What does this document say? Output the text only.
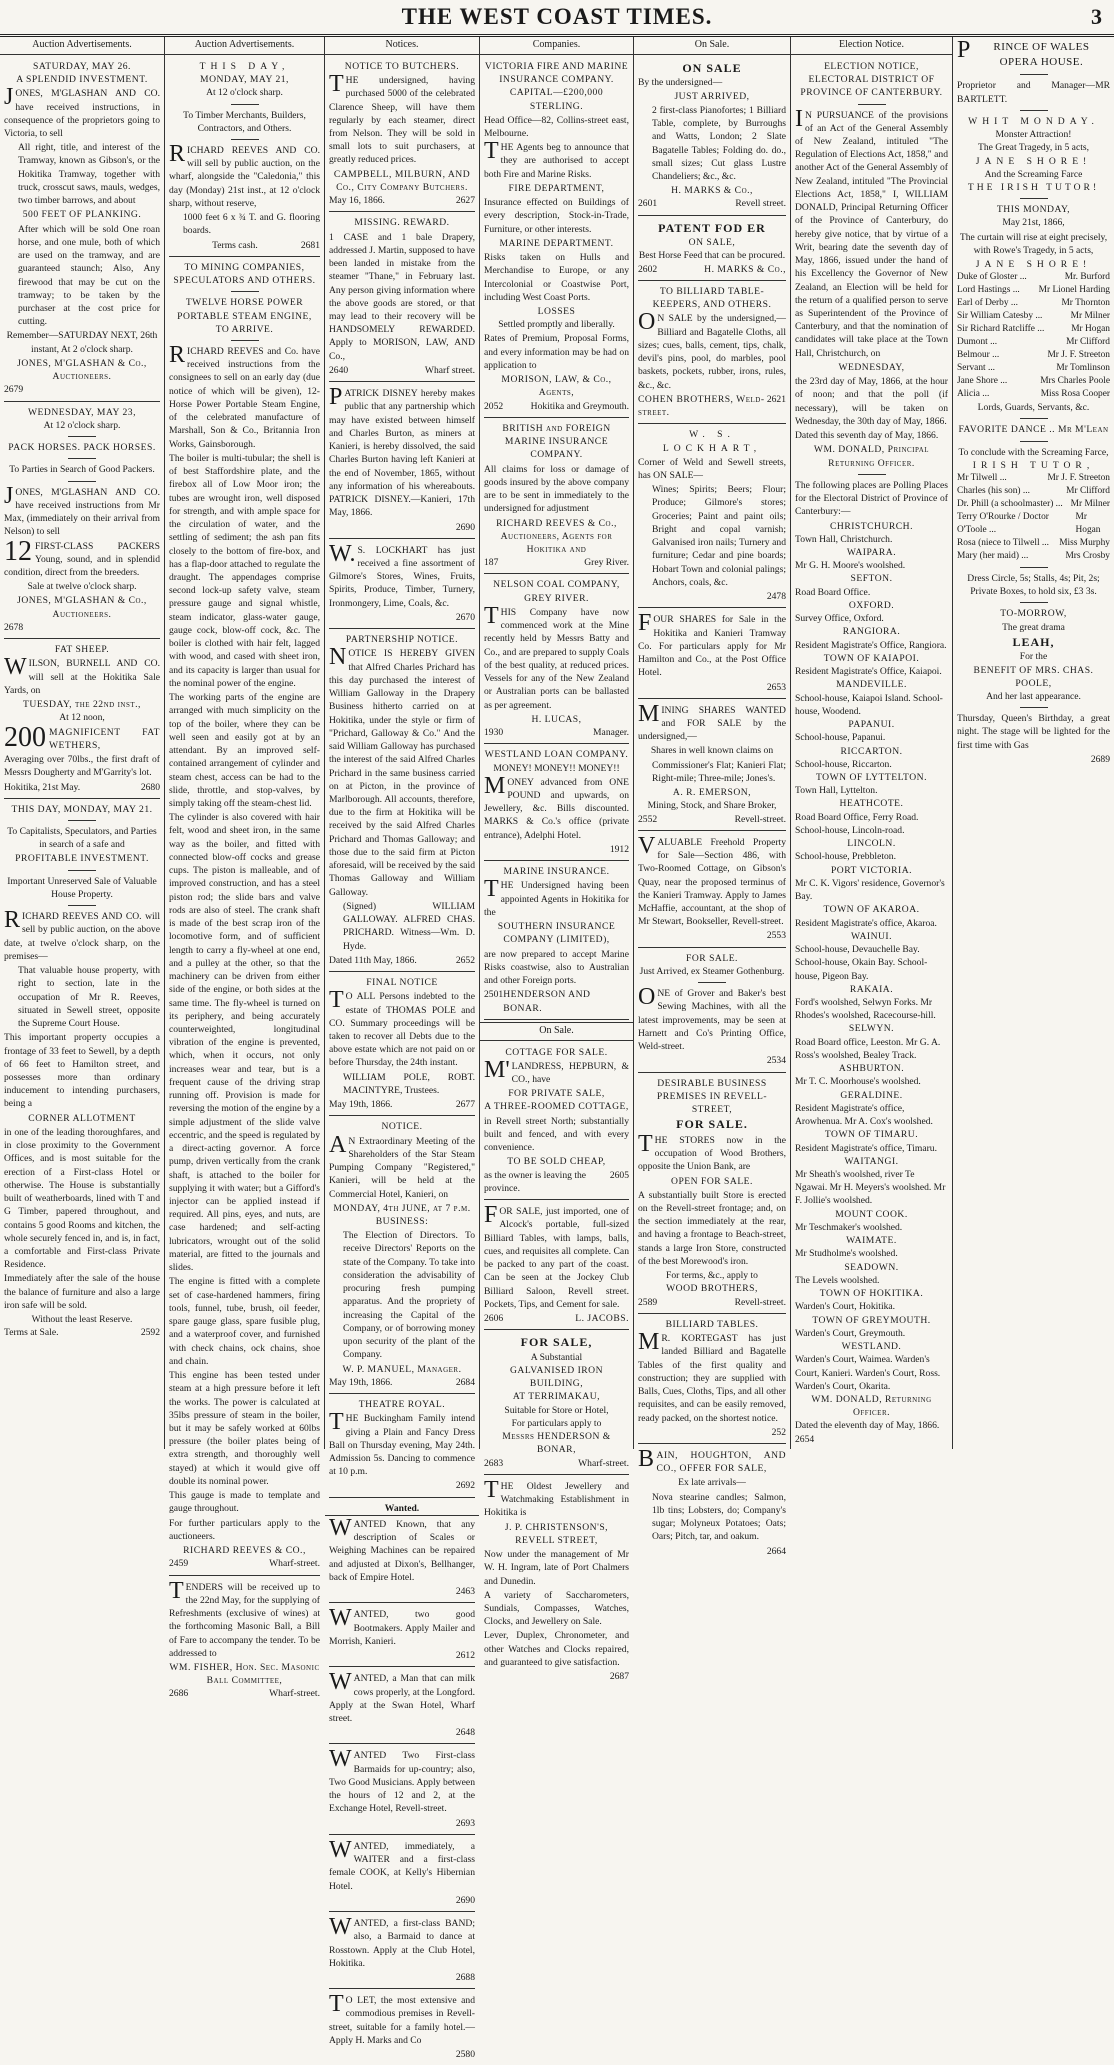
THE WEST COAST TIMES.	3
Auction Advertisements.
SATURDAY, MAY 26.
A SPLENDID INVESTMENT.

JONES, M'GLASHAN AND CO. have received instructions, in consequence of the proprietors going to Victoria, to sell

All right, title, and interest of the Tramway, known as Gibson's, or the Hokitika Tramway, together with truck, crosscut saws, mauls, wedges, two timber barrows, and about

500 FEET OF PLANKING.

After which will be sold One roan horse, and one mule, both of which are used on the tramway, and are guaranteed staunch; Also, Any firewood that may be cut on the tramway; to be taken by the purchaser at the cost price for cutting.

Remember—SATURDAY NEXT, 26th instant, At 2 o'clock sharp.

JONES, M'GLASHAN & Co., Auctioneers.
2679
WEDNESDAY, MAY 23,
At 12 o'clock sharp.
PACK HORSES. PACK HORSES.
To Parties in Search of Good Packers.

JONES, M'GLASHAN AND CO. have received instructions from Mr Max, (immediately on their arrival from Nelson) to sell

12 FIRST-CLASS PACKERS Young, sound, and in splendid condition, direct from the breeders.

Sale at twelve o'clock sharp.

JONES, M'GLASHAN & Co., Auctioneers.
2678
FAT SHEEP.

WILSON, BURNELL AND CO. will sell at the Hokitika Sale Yards, on

TUESDAY, the 22nd inst.,
At 12 noon,

200 MAGNIFICENT FAT WETHERS,

Averaging over 70lbs., the first draft of Messrs Dougherty and M'Garrity's lot.

Hokitika, 21st May.	2680
THIS DAY, MONDAY, MAY 21.

To Capitalists, Speculators, and Parties in search of a safe and

PROFITABLE INVESTMENT.

Important Unreserved Sale of Valuable House Property.

RICHARD REEVES AND CO. will sell by public auction, on the above date, at twelve o'clock sharp, on the premises—

That valuable house property, with right to section, late in the occupation of Mr R. Reeves, situated in Sewell street, opposite the Supreme Court House.

This important property occupies a frontage of 33 feet to Sewell, by a depth of 66 feet to Hamilton street, and possesses more than ordinary inducement to intending purchasers, being a

CORNER ALLOTMENT

in one of the leading thoroughfares, and in close proximity to the Government Offices, and is most suitable for the erection of a First-class Hotel or otherwise. The House is substantially built of weatherboards, lined with T and G Timber, papered throughout, and contains 5 good Rooms and kitchen, the whole securely fenced in, and is, in fact, a comfortable and First-class Private Residence.

Immediately after the sale of the house the balance of furniture and also a large iron safe will be sold.

Without the least Reserve.
Terms at Sale.	2592
Auction Advertisements.
THIS DAY,
MONDAY, MAY 21,
At 12 o'clock sharp.

To Timber Merchants, Builders, Contractors, and Others.

RICHARD REEVES AND CO. will sell by public auction, on the wharf, alongside the "Caledonia," this day (Monday) 21st inst., at 12 o'clock sharp, without reserve,

1000 feet 6 x ¾ T. and G. flooring boards.

Terms cash.	2681
TO MINING COMPANIES, SPECULATORS AND OTHERS.
TWELVE HORSE POWER PORTABLE STEAM ENGINE,
TO ARRIVE.

RICHARD REEVES and Co. have received instructions from the consignees to sell on an early day (due notice of which will be given), 12-Horse Power Portable Steam Engine, of the celebrated manufacture of Marshall, Son & Co., Britannia Iron Works, Gainsborough.

The boiler is multi-tubular; the shell is of best Staffordshire plate, and the firebox all of Low Moor iron; the tubes are wrought iron, well disposed for strength, and with ample space for the circulation of water, and the settling of sediment; the ash pan fits closely to the bottom of fire-box, and has a flap-door attached to regulate the draught. The appendages comprise second lock-up safety valve, steam pressure gauge and signal whistle, steam indicator, glass-water gauge, gauge cock, blow-off cock, &c. The boiler is clothed with hair felt, lagged with wood, and cased with sheet iron, and its capacity is larger than usual for the nominal power of the engine.

The working parts of the engine are arranged with much simplicity on the top of the boiler, where they can be well seen and easily got at by an attendant. By an improved self-contained arrangement of cylinder and steam chest, access can be had to the slide, throttle, and stop-valves, by simply taking off the steam-chest lid.

The cylinder is also covered with hair felt, wood and sheet iron, in the same way as the boiler, and fitted with connected blow-off cocks and grease cups. The piston is malleable, and of improved construction, and has a steel piston rod; the slide bars and valve rods are also of steel. The crank shaft is made of the best scrap iron of the locomotive form, and of sufficient length to carry a fly-wheel at one end, and a pulley at the other, so that the machinery can be driven from either side of the engine, or both sides at the same time. The fly-wheel is turned on its periphery, and being accurately counterweighted, longitudinal vibration of the engine is prevented, which, when it occurs, not only increases wear and tear, but is a frequent cause of the driving strap running off. Provision is made for reversing the motion of the engine by a simple adjustment of the slide valve eccentric, and the speed is regulated by a direct-acting governor. A force pump, driven vertically from the crank shaft, is attached to the boiler for supplying it with water; but a Gifford's injector can be applied instead if required. All pins, eyes, and nuts, are case hardened; and self-acting lubricators, wrought out of the solid material, are fitted to the journals and slides.

The engine is fitted with a complete set of case-hardened hammers, firing tools, funnel, tube, brush, oil feeder, spare gauge glass, spare fusible plug, and a waterproof cover, and furnished with check chains, ock chains, shoe and chain.

This engine has been tested under steam at a high pressure before it left the works. The power is calculated at 35lbs pressure of steam in the boiler, but it may be safely worked at 60lbs pressure (the boiler plates being of extra strength, and thoroughly well stayed) at which it would give off double its nominal power.

This gauge is made to template and gauge throughout.

For further particulars apply to the auctioneers.

RICHARD REEVES & CO.,
2459	Wharf-street.

TENDERS will be received up to the 22nd May, for the supplying of Refreshments (exclusive of wines) at the forthcoming Masonic Ball, a Bill of Fare to accompany the tender. To be addressed to

WM. FISHER, Hon. Sec. Masonic Ball Committee,
2686	Wharf-street.
Notices.
NOTICE TO BUTCHERS.

THE undersigned, having purchased 5000 of the celebrated Clarence Sheep, will have them regularly by each steamer, direct from Nelson. They will be sold in small lots to suit purchasers, at greatly reduced prices.

CAMPBELL, MILBURN, AND Co., City Company Butchers.
May 16, 1866.	2627
MISSING. REWARD.

1 CASE and 1 bale Drapery, addressed J. Martin, supposed to have been landed in mistake from the steamer "Thane," in February last. Any person giving information where the above goods are stored, or that may lead to their recovery will be HANDSOMELY REWARDED. Apply to MORISON, LAW, AND Co.,

2640	Wharf street.

PATRICK DISNEY hereby makes public that any partnership which may have existed between himself and Charles Burton, as miners at Kanieri, is hereby dissolved, the said Charles Burton having left Kanieri at the end of November, 1865, without any information of his whereabouts. PATRICK DISNEY.—Kanieri, 17th May, 1866.

2690

W.S. LOCKHART has just received a fine assortment of Gilmore's Stores, Wines, Fruits, Spirits, Produce, Timber, Turnery, Ironmongery, Lime, Coals, &c.

2670
PARTNERSHIP NOTICE.

NOTICE IS HEREBY GIVEN that Alfred Charles Prichard has this day purchased the interest of William Galloway in the Drapery Business hitherto carried on at Hokitika, under the style or firm of "Prichard, Galloway & Co." And the said William Galloway has purchased the interest of the said Alfred Charles Prichard in the same business carried on at Picton, in the province of Marlborough. All accounts, therefore, due to the firm at Hokitika will be received by the said Alfred Charles Prichard and Thomas Galloway; and those due to the said firm at Picton aforesaid, will be received by the said Thomas Galloway and William Galloway.

(Signed) WILLIAM GALLOWAY. ALFRED CHAS. PRICHARD. Witness—Wm. D. Hyde.

Dated 11th May, 1866.	2652
FINAL NOTICE

TO ALL Persons indebted to the estate of THOMAS POLE and CO. Summary proceedings will be taken to recover all Debts due to the above estate which are not paid on or before Thursday, the 24th instant.

WILLIAM POLE, ROBT. MACINTYRE, Trustees.

May 19th, 1866.	2677
NOTICE.

AN Extraordinary Meeting of the Shareholders of the Star Steam Pumping Company "Registered," Kanieri, will be held at the Commercial Hotel, Kanieri, on

MONDAY, 4th JUNE, at 7 p.m.
BUSINESS:

The Election of Directors. To receive Directors' Reports on the state of the Company. To take into consideration the advisability of procuring fresh pumping apparatus. And the propriety of increasing the Capital of the Company, or of borrowing money upon security of the plant of the Company.

W. P. MANUEL, Manager.
May 19th, 1866.	2684
THEATRE ROYAL.

THE Buckingham Family intend giving a Plain and Fancy Dress Ball on Thursday evening, May 24th. Admission 5s. Dancing to commence at 10 p.m.

2692
Wanted.

WANTED Known, that any description of Scales or Weighing Machines can be repaired and adjusted at Dixon's, Bellhanger, back of Empire Hotel.

2463

WANTED, two good Bootmakers. Apply Mailer and Morrish, Kanieri.

2612

WANTED, a Man that can milk cows properly, at the Longford. Apply at the Swan Hotel, Wharf street.

2648

WANTED Two First-class Barmaids for up-country; also, Two Good Musicians. Apply between the hours of 12 and 2, at the Exchange Hotel, Revell-street.

2693

WANTED, immediately, a WAITER and a first-class female COOK, at Kelly's Hibernian Hotel.

2690

WANTED, a first-class BAND; also, a Barmaid to dance at Rosstown. Apply at the Club Hotel, Hokitika.

2688

TO LET, the most extensive and commodious premises in Revell-street, suitable for a family hotel.—Apply H. Marks and Co

2580
Companies.
VICTORIA FIRE AND MARINE INSURANCE COMPANY.
CAPITAL—£200,000 STERLING.

Head Office—82, Collins-street east, Melbourne.

THE Agents beg to announce that they are authorised to accept both Fire and Marine Risks.

FIRE DEPARTMENT,

Insurance effected on Buildings of every description, Stock-in-Trade, Furniture, or other interests.

MARINE DEPARTMENT.

Risks taken on Hulls and Merchandise to Europe, or any Intercolonial or Coastwise Port, including West Coast Ports.

LOSSES
Settled promptly and liberally.

Rates of Premium, Proposal Forms, and every information may be had on application to

MORISON, LAW, & Co., Agents,
2052	Hokitika and Greymouth.
BRITISH and FOREIGN MARINE INSURANCE COMPANY.

All claims for loss or damage of goods insured by the above company are to be sent in immediately to the undersigned for adjustment

RICHARD REEVES & Co., Auctioneers, Agents for Hokitika and
187	Grey River.
NELSON COAL COMPANY, GREY RIVER.

THIS Company have now commenced work at the Mine recently held by Messrs Batty and Co., and are prepared to supply Coals of the best quality, at reduced prices. Vessels for any of the New Zealand or Australian ports can be ballasted as per agreement.

H. LUCAS,
1930	Manager.
WESTLAND LOAN COMPANY.
MONEY! MONEY!! MONEY!!

MONEY advanced from ONE POUND and upwards, on Jewellery, &c. Bills discounted. MARKS & Co.'s office (private entrance), Adelphi Hotel.

1912
MARINE INSURANCE.

THE Undersigned having been appointed Agents in Hokitika for the

SOUTHERN INSURANCE COMPANY (LIMITED),

are now prepared to accept Marine Risks coastwise, also to Australian and other Foreign ports.

2501 HENDERSON AND BONAR.
On Sale.
COTTAGE FOR SALE.

M'LANDRESS, HEPBURN, & CO., have

FOR PRIVATE SALE,
A THREE-ROOMED COTTAGE,

in Revell street North; substantially built and fenced, and with every convenience.

TO BE SOLD CHEAP,
as the owner is leaving the province.
2605

FOR SALE, just imported, one of Alcock's portable, full-sized Billiard Tables, with lamps, balls, cues, and requisites all complete. Can be packed to any part of the coast. Can be seen at the Jockey Club Billiard Saloon, Revell street. Pockets, Tips, and Cement for sale.

2606	L. JACOBS.
FOR SALE,
A Substantial
GALVANISED IRON BUILDING,
AT TERRIMAKAU,
Suitable for Store or Hotel,
For particulars apply to
Messrs HENDERSON & BONAR,
2683	Wharf-street.

THE Oldest Jewellery and Watchmaking Establishment in Hokitika is

J. P. CHRISTENSON'S,
REVELL STREET,

Now under the management of Mr W. H. Ingram, late of Port Chalmers and Dunedin.

A variety of Saccharometers, Sundials, Compasses, Watches, Clocks, and Jewellery on Sale.

Lever, Duplex, Chronometer, and other Watches and Clocks repaired, and guaranteed to give satisfaction.

2687
On Sale.
ON SALE
By the undersigned—
JUST ARRIVED,

2 first-class Pianofortes; 1 Billiard Table, complete, by Burroughs and Watts, London; 2 Slate Bagatelle Tables; Folding do. do., small sizes; Cut glass Lustre Chandeliers; &c., &c.

H. MARKS & Co.,
2601	Revell street.
PATENT FOD ER
ON SALE,
Best Horse Feed that can be procured.
2602	H. MARKS & Co.,
TO BILLIARD TABLE-KEEPERS, AND OTHERS.

ON SALE by the undersigned,—Billiard and Bagatelle Cloths, all sizes; cues, balls, cement, tips, chalk, devil's pins, pool, do marbles, pool baskets, pockets, rubber, irons, rules, &c., &c.

COHEN BROTHERS, Weld-street.
2621
W. S. LOCKHART,

Corner of Weld and Sewell streets, has ON SALE—

Wines; Spirits; Beers; Flour; Produce; Gilmore's stores; Groceries; Paint and paint oils; Bright and copal varnish; Galvanised iron nails; Turnery and furniture; Cedar and pine boards; Hobart Town and colonial palings; Anchors, coals, &c.

2478

FOUR SHARES for Sale in the Hokitika and Kanieri Tramway Co. For particulars apply for Mr Hamilton and Co., at the Post Office Hotel.

2653

MINING SHARES WANTED and FOR SALE by the undersigned,—

Shares in well known claims on

Commissioner's Flat; Kanieri Flat; Right-mile; Three-mile; Jones's.

A. R. EMERSON,
Mining, Stock, and Share Broker,
2552	Revell-street.

VALUABLE Freehold Property for Sale—Section 486, with Two-Roomed Cottage, on Gibson's Quay, near the proposed terminus of the Kanieri Tramway. Apply to James McHaffie, accountant, at the shop of Mr Stewart, Bookseller, Revell-street.

2553
FOR SALE.
Just Arrived, ex Steamer Gothenburg.

ONE of Grover and Baker's best Sewing Machines, with all the latest improvements, may be seen at Harnett and Co's Printing Office, Weld-street.

2534
DESIRABLE BUSINESS PREMISES IN REVELL-STREET,
FOR SALE.

THE STORES now in the occupation of Wood Brothers, opposite the Union Bank, are

OPEN FOR SALE.

A substantially built Store is erected on the Revell-street frontage; and, on the section immediately at the rear, and having a frontage to Beach-street, stands a large Iron Store, constructed of the best Morewood's iron.

For terms, &c., apply to
WOOD BROTHERS,
2589	Revell-street.
BILLIARD TABLES.

MR. KORTEGAST has just landed Billiard and Bagatelle Tables of the first quality and construction; they are supplied with Balls, Cues, Cloths, Tips, and all other requisites, and can be easily removed, ready packed, on the shortest notice.

252

BAIN, HOUGHTON, AND CO., OFFER FOR SALE,

Ex late arrivals—

Nova stearine candles; Salmon, 1lb tins; Lobsters, do; Company's sugar; Molyneux Potatoes; Oats; Oars; Pitch, tar, and oakum.

2664
Election Notice.
ELECTION NOTICE,
ELECTORAL DISTRICT OF PROVINCE OF CANTERBURY.

IN PURSUANCE of the provisions of an Act of the General Assembly of New Zealand, intituled "The Regulation of Elections Act, 1858," and another Act of the General Assembly of New Zealand, intituled "The Provincial Elections Act, 1858," I, WILLIAM DONALD, Principal Returning Officer of the Province of Canterbury, do hereby give notice, that by virtue of a Writ, bearing date the seventh day of May, 1866, issued under the hand of his Excellency the Governor of New Zealand, an Election will be held for the return of a qualified person to serve as Superintendent of the Province of Canterbury, and that the nomination of candidates will take place at the Town Hall, Christchurch, on

WEDNESDAY,

the 23rd day of May, 1866, at the hour of noon; and that the poll (if necessary), will be taken on Wednesday, the 30th day of May, 1866.

Dated this seventh day of May, 1866.

WM. DONALD, Principal Returning Officer.

The following places are Polling Places for the Electoral District of Province of Canterbury:—

CHRISTCHURCH.
Town Hall, Christchurch.
WAIPARA.
Mr G. H. Moore's woolshed.
SEFTON.
Road Board Office.
OXFORD.
Survey Office, Oxford.
RANGIORA.
Resident Magistrate's Office, Rangiora.
TOWN OF KAIAPOI.
Resident Magistrate's Office, Kaiapoi.
MANDEVILLE.
School-house, Kaiapoi Island. School-house, Woodend.
PAPANUI.
School-house, Papanui.
RICCARTON.
School-house, Riccarton.
TOWN OF LYTTELTON.
Town Hall, Lyttelton.
HEATHCOTE.
Road Board Office, Ferry Road. School-house, Lincoln-road.
LINCOLN.
School-house, Prebbleton.
PORT VICTORIA.
Mr C. K. Vigors' residence, Governor's Bay.
TOWN OF AKAROA.
Resident Magistrate's office, Akaroa.
WAINUI.
School-house, Devauchelle Bay. School-house, Okain Bay. School-house, Pigeon Bay.
RAKAIA.
Ford's woolshed, Selwyn Forks. Mr Rhodes's woolshed, Racecourse-hill.
SELWYN.
Road Board office, Leeston. Mr G. A. Ross's woolshed, Bealey Track.
ASHBURTON.
Mr T. C. Moorhouse's woolshed.
GERALDINE.
Resident Magistrate's office, Arowhenua. Mr A. Cox's woolshed.
TOWN OF TIMARU.
Resident Magistrate's office, Timaru.
WAITANGI.
Mr Sheath's woolshed, river Te Ngawai. Mr H. Meyers's woolshed. Mr F. Jollie's woolshed.
MOUNT COOK.
Mr Teschmaker's woolshed.
WAIMATE.
Mr Studholme's woolshed.
SEADOWN.
The Levels woolshed.
TOWN OF HOKITIKA.
Warden's Court, Hokitika.
TOWN OF GREYMOUTH.
Warden's Court, Greymouth.
WESTLAND.
Warden's Court, Waimea. Warden's Court, Kanieri. Warden's Court, Ross. Warden's Court, Okarita.
WM. DONALD, Returning Officer.
Dated the eleventh day of May, 1866.
2654

PRINCE OF WALES OPERA HOUSE.

Proprietor and Manager—MR BARTLETT.

WHIT MONDAY.
Monster Attraction!
The Great Tragedy, in 5 acts,
JANE SHORE!
And the Screaming Farce
THE IRISH TUTOR!
THIS MONDAY,
May 21st, 1866,

The curtain will rise at eight precisely, with Rowe's Tragedy, in 5 acts,

JANE SHORE!
Duke of Gloster ...	Mr. Burford
Lord Hastings ... Mr Lionel Harding
Earl of Derby ...	Mr Thornton
Sir William Catesby ...	Mr Milner
Sir Richard Ratcliffe ...	Mr Hogan
Dumont ...	Mr Clifford
Belmour ...	Mr J. F. Streeton
Servant ...	Mr Tomlinson
Jane Shore ...	Mrs Charles Poole
Alicia ...	Miss Rosa Cooper
Lords, Guards, Servants, &c.
FAVORITE DANCE .. Mr M'Lean
To conclude with the Screaming Farce,
IRISH TUTOR,
Mr Tilwell ...	Mr J. F. Streeton
Charles (his son) ...	Mr Clifford
Dr. Phill (a schoolmaster) ... Mr Milner
Terry O'Rourke / Doctor O'Toole ...
Mr Hogan
Rosa (niece to Tilwell ... Miss Murphy
Mary (her maid) ...	Mrs Crosby

Dress Circle, 5s; Stalls, 4s; Pit, 2s; Private Boxes, to hold six, £3 3s.

TO-MORROW,
The great drama
LEAH,
For the
BENEFIT OF MRS. CHAS. POOLE,
And her last appearance.

Thursday, Queen's Birthday, a great night. The stage will be lighted for the first time with Gas

2689
